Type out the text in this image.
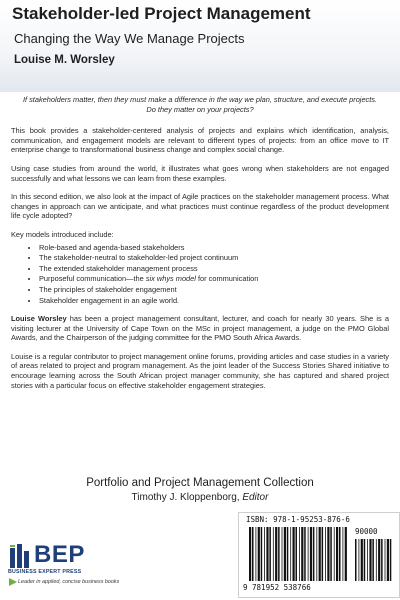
Stakeholder-led Project Management
Changing the Way We Manage Projects
Louise M. Worsley
If stakeholders matter, then they must make a difference in the way we plan, structure, and execute projects. Do they matter on your projects?

This book provides a stakeholder-centered analysis of projects and explains which identification, analysis, communication, and engagement models are relevant to different types of projects: from an office move to IT enterprise change to transformational business change and complex social change.

Using case studies from around the world, it illustrates what goes wrong when stakeholders are not engaged successfully and what lessons we can learn from these examples.

In this second edition, we also look at the impact of Agile practices on the stakeholder management process. What changes in approach can we anticipate, and what practices must continue regardless of the product development life cycle adopted?

Key models introduced include:
• Role-based and agenda-based stakeholders
• The stakeholder-neutral to stakeholder-led project continuum
• The extended stakeholder management process
• Purposeful communication—the six whys model for communication
• The principles of stakeholder engagement
• Stakeholder engagement in an agile world.

Louise Worsley has been a project management consultant, lecturer, and coach for nearly 30 years. She is a visiting lecturer at the University of Cape Town on the MSc in project management, a judge on the PMO Global Awards, and the Chairperson of the judging committee for the PMO South Africa Awards.

Louise is a regular contributor to project management online forums, providing articles and case studies in a variety of areas related to project and program management. As the joint leader of the Success Stories Shared initiative to encourage learning across the South African project manager community, she has captured and shared project stories with a particular focus on effective stakeholder engagement strategies.

Portfolio and Project Management Collection
Timothy J. Kloppenborg, Editor
BEP
BUSINESS EXPERT PRESS
Leader in applied, concise business books
ISBN: 978-1-95253-876-6
9 781952 538766
90000
